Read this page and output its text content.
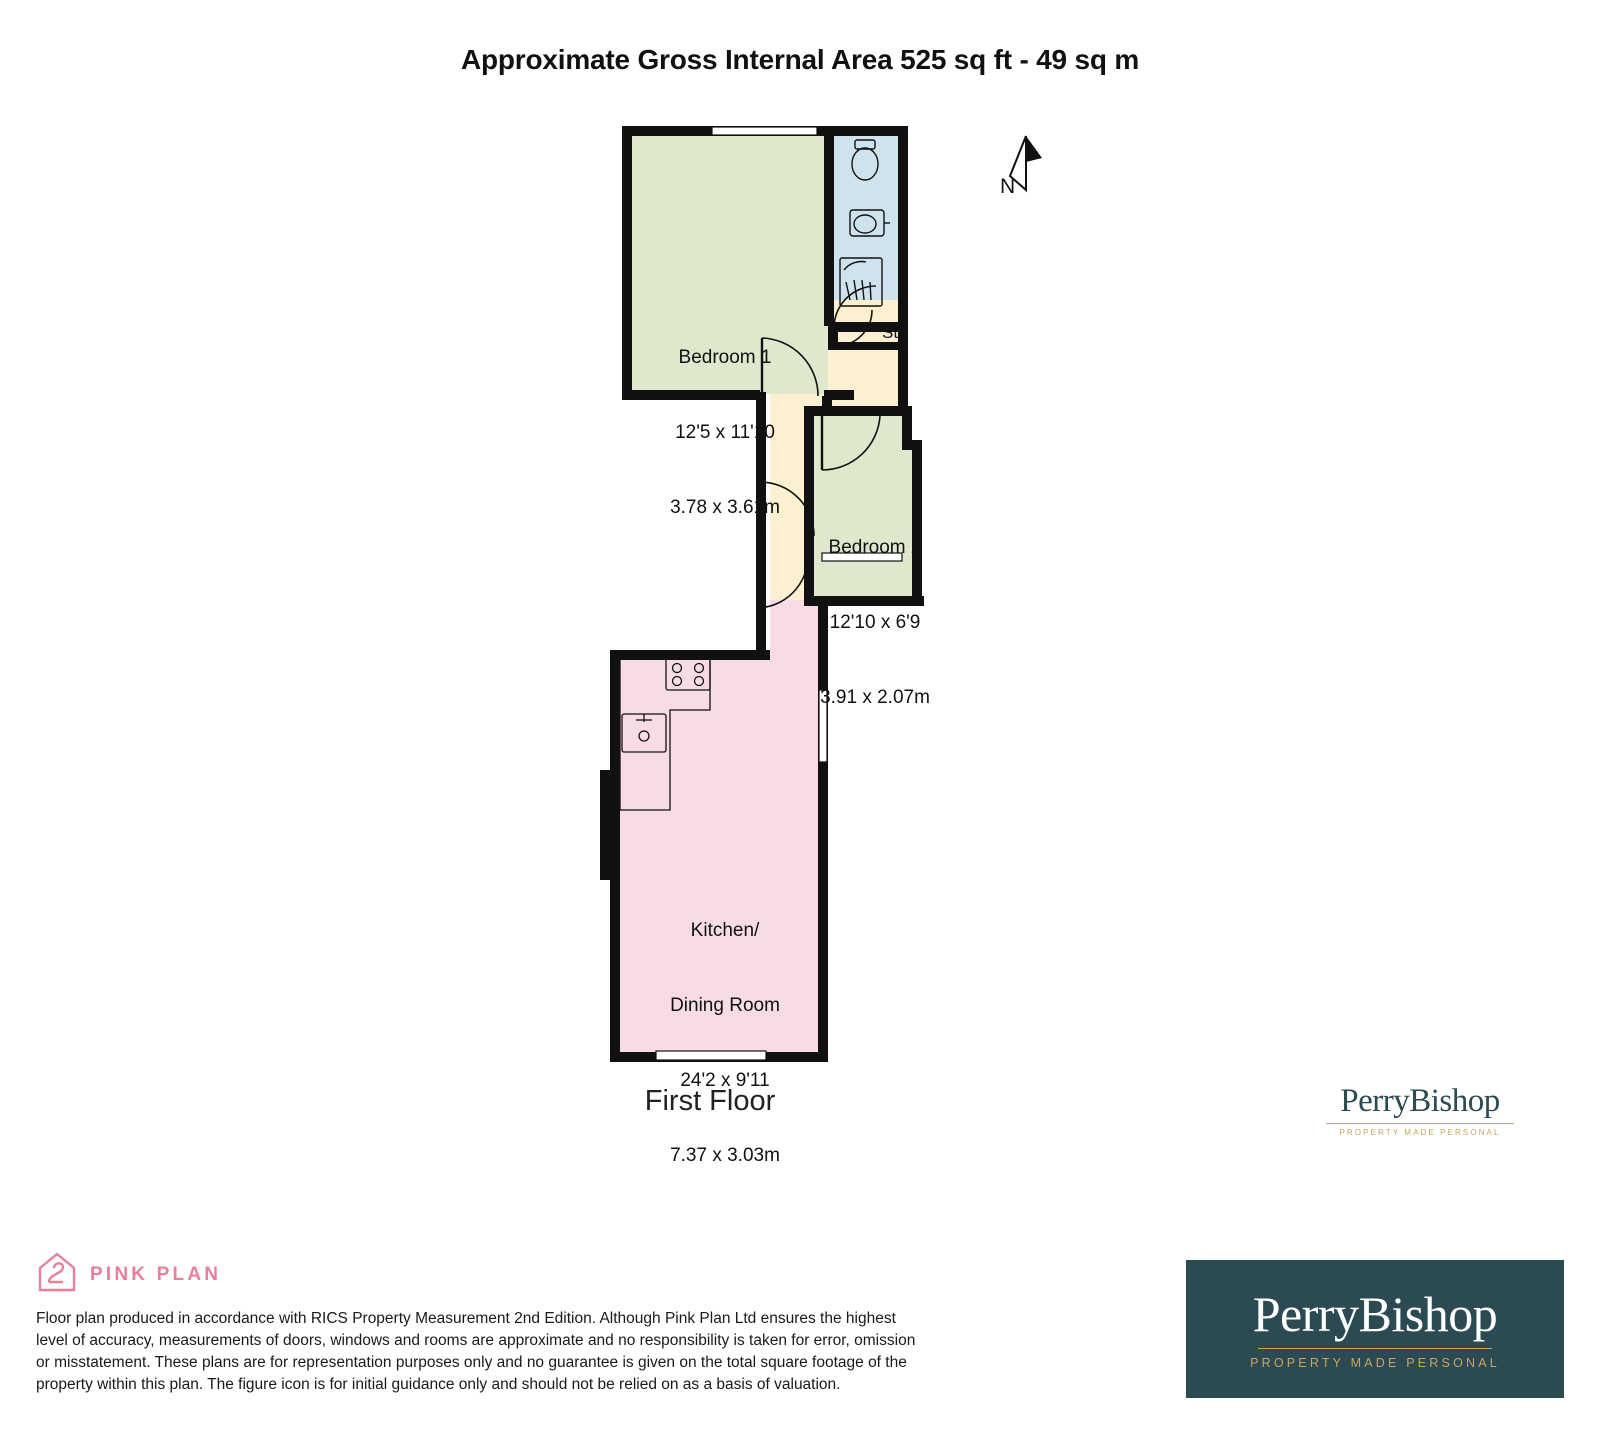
Approximate Gross Internal Area 525 sq ft - 49 sq m

Bedroom 1

12'5 x 11'10

3.78 x 3.61m

Bedroom 2

12'10 x 6'9

3.91 x 2.07m

Kitchen/

Dining Room

24'2 x 9'11

7.37 x 3.03m

St
N
First Floor	PerryBishop
PROPERTY MADE PERSONAL
PINK PLAN
Floor plan produced in accordance with RICS Property Measurement 2nd Edition. Although Pink Plan Ltd ensures the highest level of accuracy, measurements of doors, windows and rooms are approximate and no responsibility is taken for error, omission or misstatement. These plans are for representation purposes only and no guarantee is given on the total square footage of the property within this plan. The figure icon is for initial guidance only and should not be relied on as a basis of valuation.
PerryBishop
PROPERTY MADE PERSONAL
